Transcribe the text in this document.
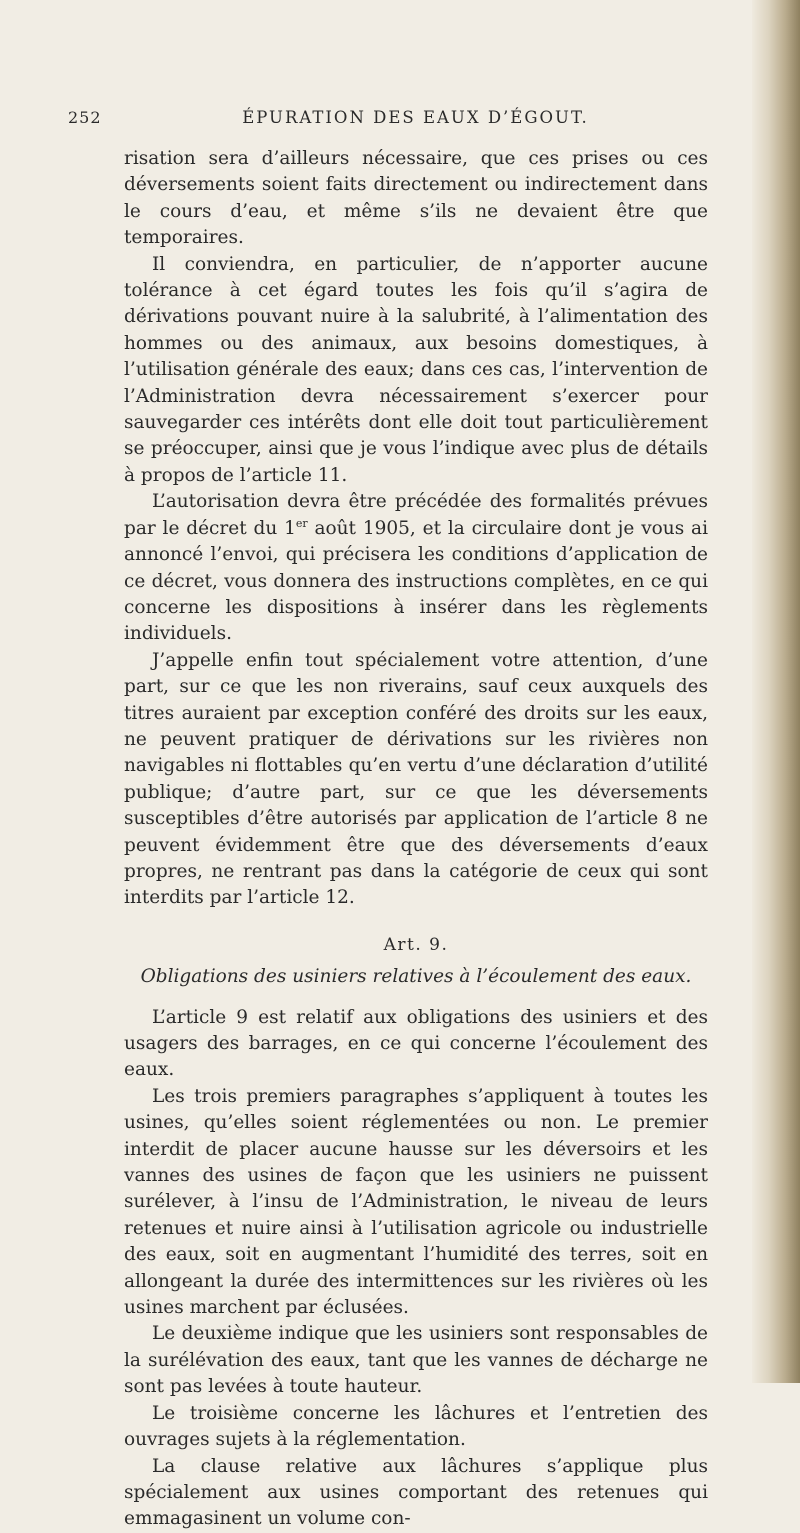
252	ÉPURATION DES EAUX D’ÉGOUT.

risation sera d’ailleurs nécessaire, que ces prises ou ces déversements soient faits directement ou indirectement dans le cours d’eau, et même s’ils ne devaient être que temporaires.

Il conviendra, en particulier, de n’apporter aucune tolérance à cet égard toutes les fois qu’il s’agira de dérivations pouvant nuire à la salubrité, à l’alimentation des hommes ou des animaux, aux besoins domestiques, à l’utilisation générale des eaux; dans ces cas, l’intervention de l’Administration devra nécessairement s’exercer pour sauvegarder ces intérêts dont elle doit tout particulièrement se préoccuper, ainsi que je vous l’indique avec plus de détails à propos de l’article 11.

L’autorisation devra être précédée des formalités prévues par le décret du 1er août 1905, et la circulaire dont je vous ai annoncé l’envoi, qui précisera les conditions d’application de ce décret, vous donnera des instructions complètes, en ce qui concerne les dispositions à insérer dans les règlements individuels.

J’appelle enfin tout spécialement votre attention, d’une part, sur ce que les non riverains, sauf ceux auxquels des titres auraient par exception conféré des droits sur les eaux, ne peuvent pratiquer de dérivations sur les rivières non navigables ni flottables qu’en vertu d’une déclaration d’utilité publique; d’autre part, sur ce que les déversements susceptibles d’être autorisés par application de l’article 8 ne peuvent évidemment être que des déversements d’eaux propres, ne rentrant pas dans la catégorie de ceux qui sont interdits par l’article 12.

Art. 9.
Obligations des usiniers relatives à l’écoulement des eaux.

L’article 9 est relatif aux obligations des usiniers et des usagers des barrages, en ce qui concerne l’écoulement des eaux.

Les trois premiers paragraphes s’appliquent à toutes les usines, qu’elles soient réglementées ou non. Le premier interdit de placer aucune hausse sur les déversoirs et les vannes des usines de façon que les usiniers ne puissent surélever, à l’insu de l’Administration, le niveau de leurs retenues et nuire ainsi à l’utilisation agricole ou industrielle des eaux, soit en augmentant l’humidité des terres, soit en allongeant la durée des intermittences sur les rivières où les usines marchent par éclusées.

Le deuxième indique que les usiniers sont responsables de la surélévation des eaux, tant que les vannes de décharge ne sont pas levées à toute hauteur.

Le troisième concerne les lâchures et l’entretien des ouvrages sujets à la réglementation.

La clause relative aux lâchures s’applique plus spécialement aux usines comportant des retenues qui emmagasinent un volume con-
